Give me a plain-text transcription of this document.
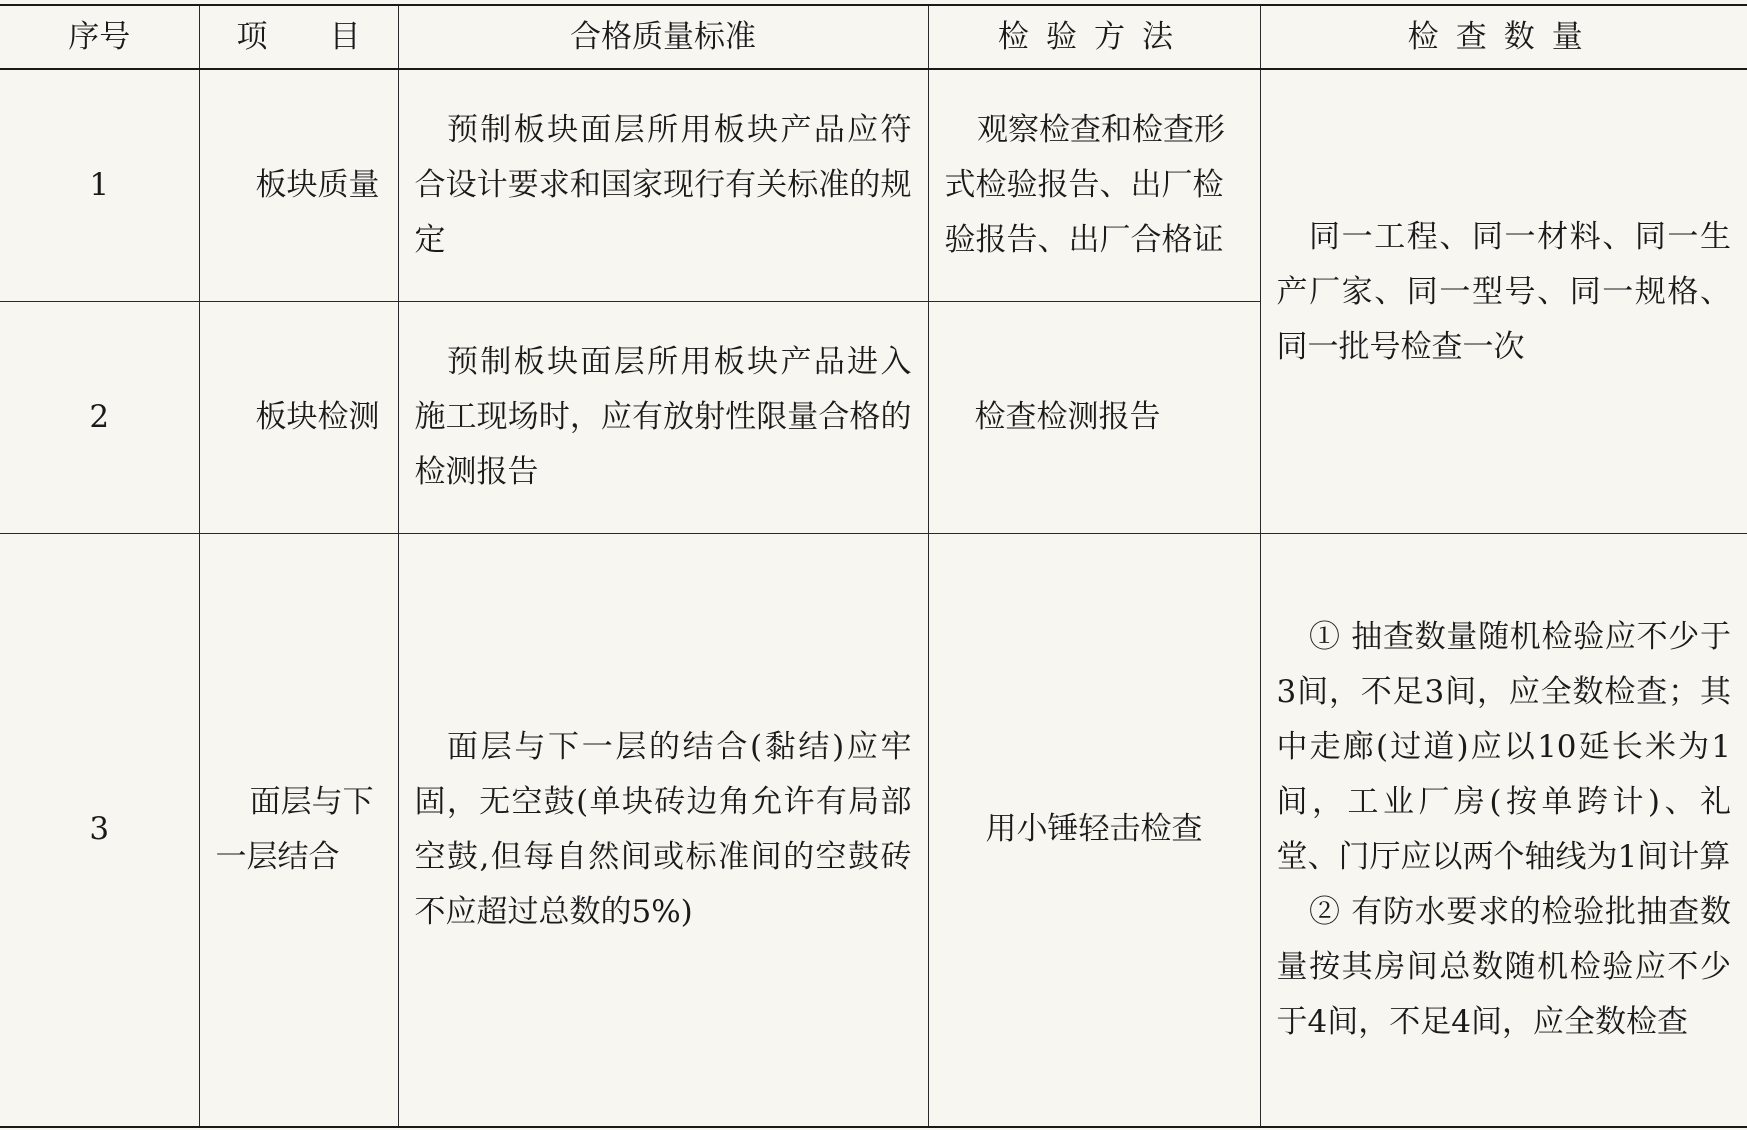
序号	项　　目	合格质量标准	检验方法	检查数量
1	板块质量	预制板块面层所用板块产品应符合设计要求和国家现行有关标准的规定	观察检查和检查形式检验报告、出厂检验报告、出厂合格证	同一工程、同一材料、同一生产厂家、同一型号、同一规格、同一批号检查一次

2	板块检测	预制板块面层所用板块产品进入施工现场时，应有放射性限量合格的检测报告	检查检测报告	
3	面层与下一层结合	面层与下一层的结合(黏结)应牢固，无空鼓(单块砖边角允许有局部空鼓,但每自然间或标准间的空鼓砖不应超过总数的5%)	用小锤轻击检查	① 抽查数量随机检验应不少于3间，不足3间，应全数检查；其中走廊(过道)应以10延长米为1间，工业厂房(按单跨计)、礼堂、门厅应以两个轴线为1间计算
② 有防水要求的检验批抽查数量按其房间总数随机检验应不少于4间，不足4间，应全数检查
